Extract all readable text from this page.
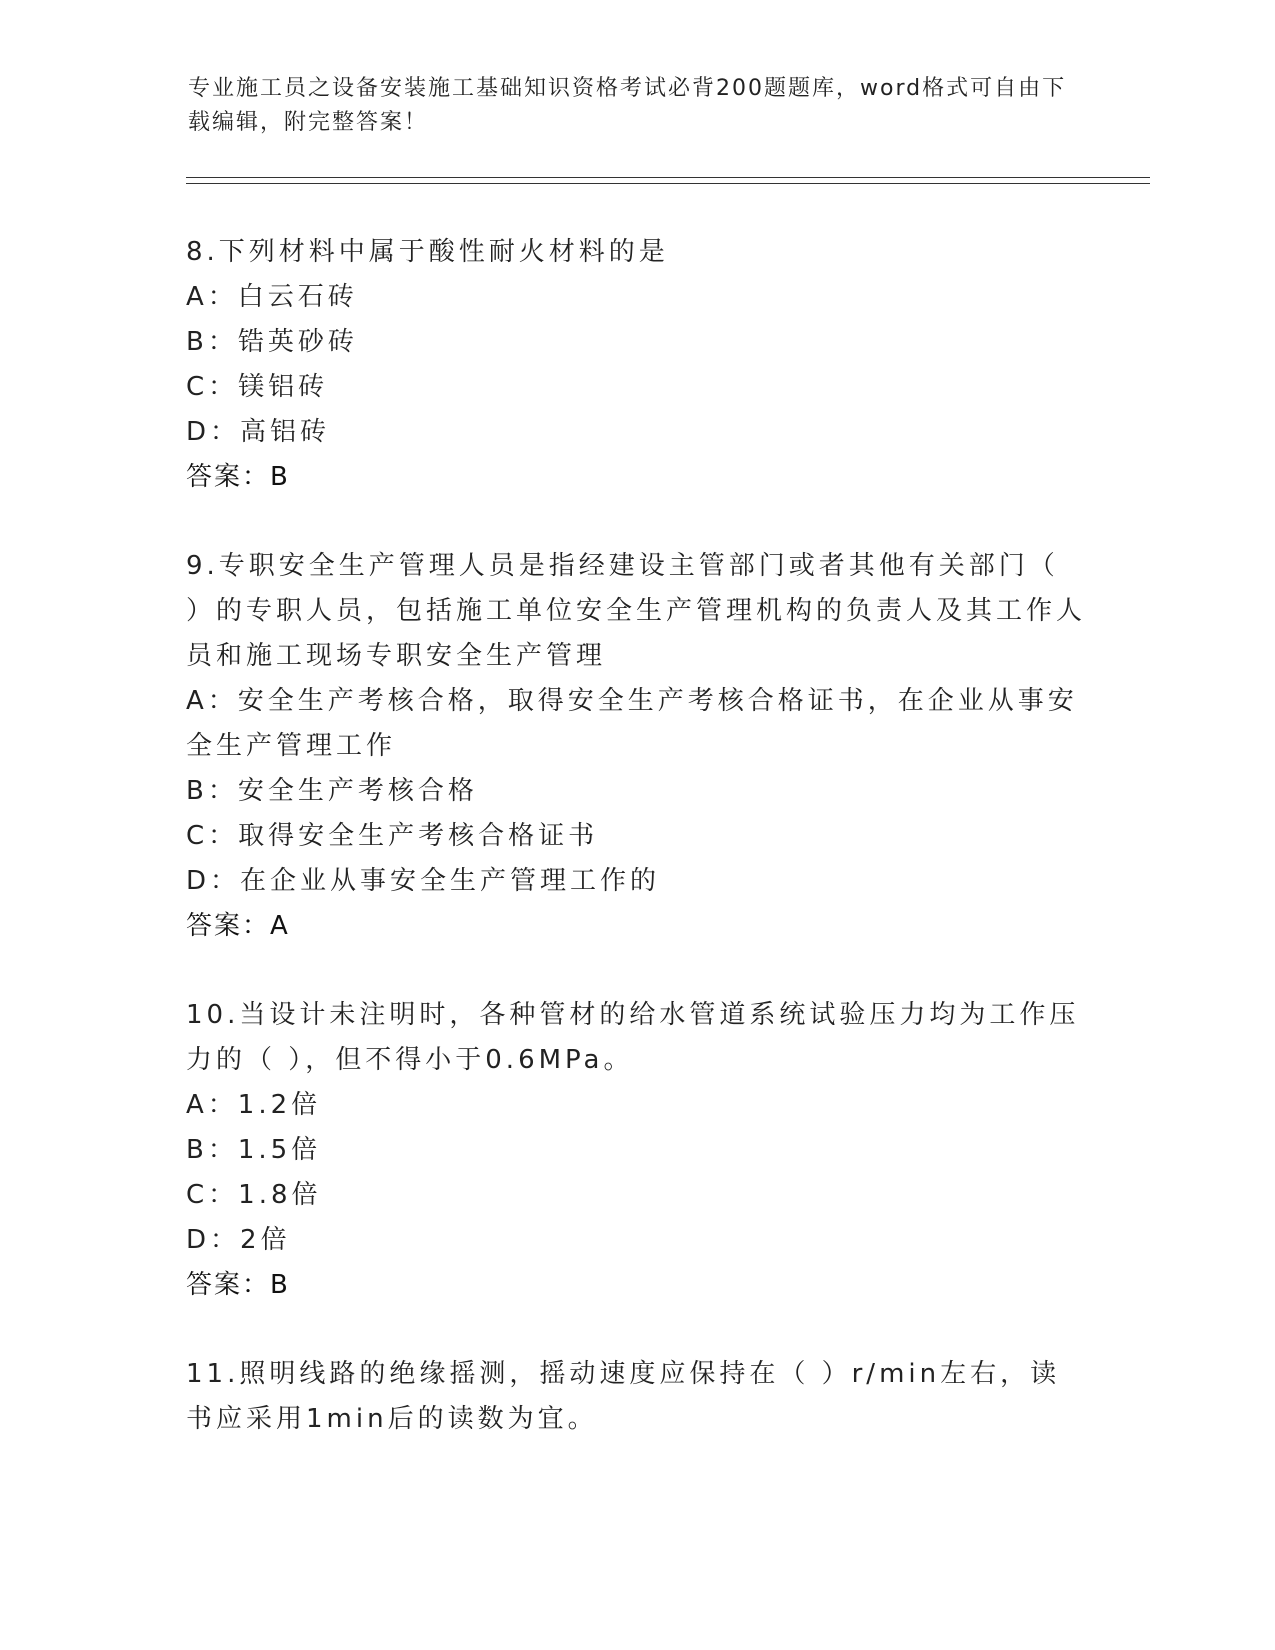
专业施工员之设备安装施工基础知识资格考试必背200题题库，word格式可自由下载编辑，附完整答案！

8.下列材料中属于酸性耐火材料的是

A：白云石砖

B：锆英砂砖

C：镁铝砖

D：高铝砖

答案：B

9.专职安全生产管理人员是指经建设主管部门或者其他有关部门（ ）的专职人员，包括施工单位安全生产管理机构的负责人及其工作人员和施工现场专职安全生产管理

A：安全生产考核合格，取得安全生产考核合格证书，在企业从事安全生产管理工作

B：安全生产考核合格

C：取得安全生产考核合格证书

D：在企业从事安全生产管理工作的

答案：A

10.当设计未注明时，各种管材的给水管道系统试验压力均为工作压力的（ ），但不得小于0.6MPa。

A：1.2倍

B：1.5倍

C：1.8倍

D：2倍

答案：B

11.照明线路的绝缘摇测，摇动速度应保持在（ ）r/min左右，读书应采用1min后的读数为宜。
